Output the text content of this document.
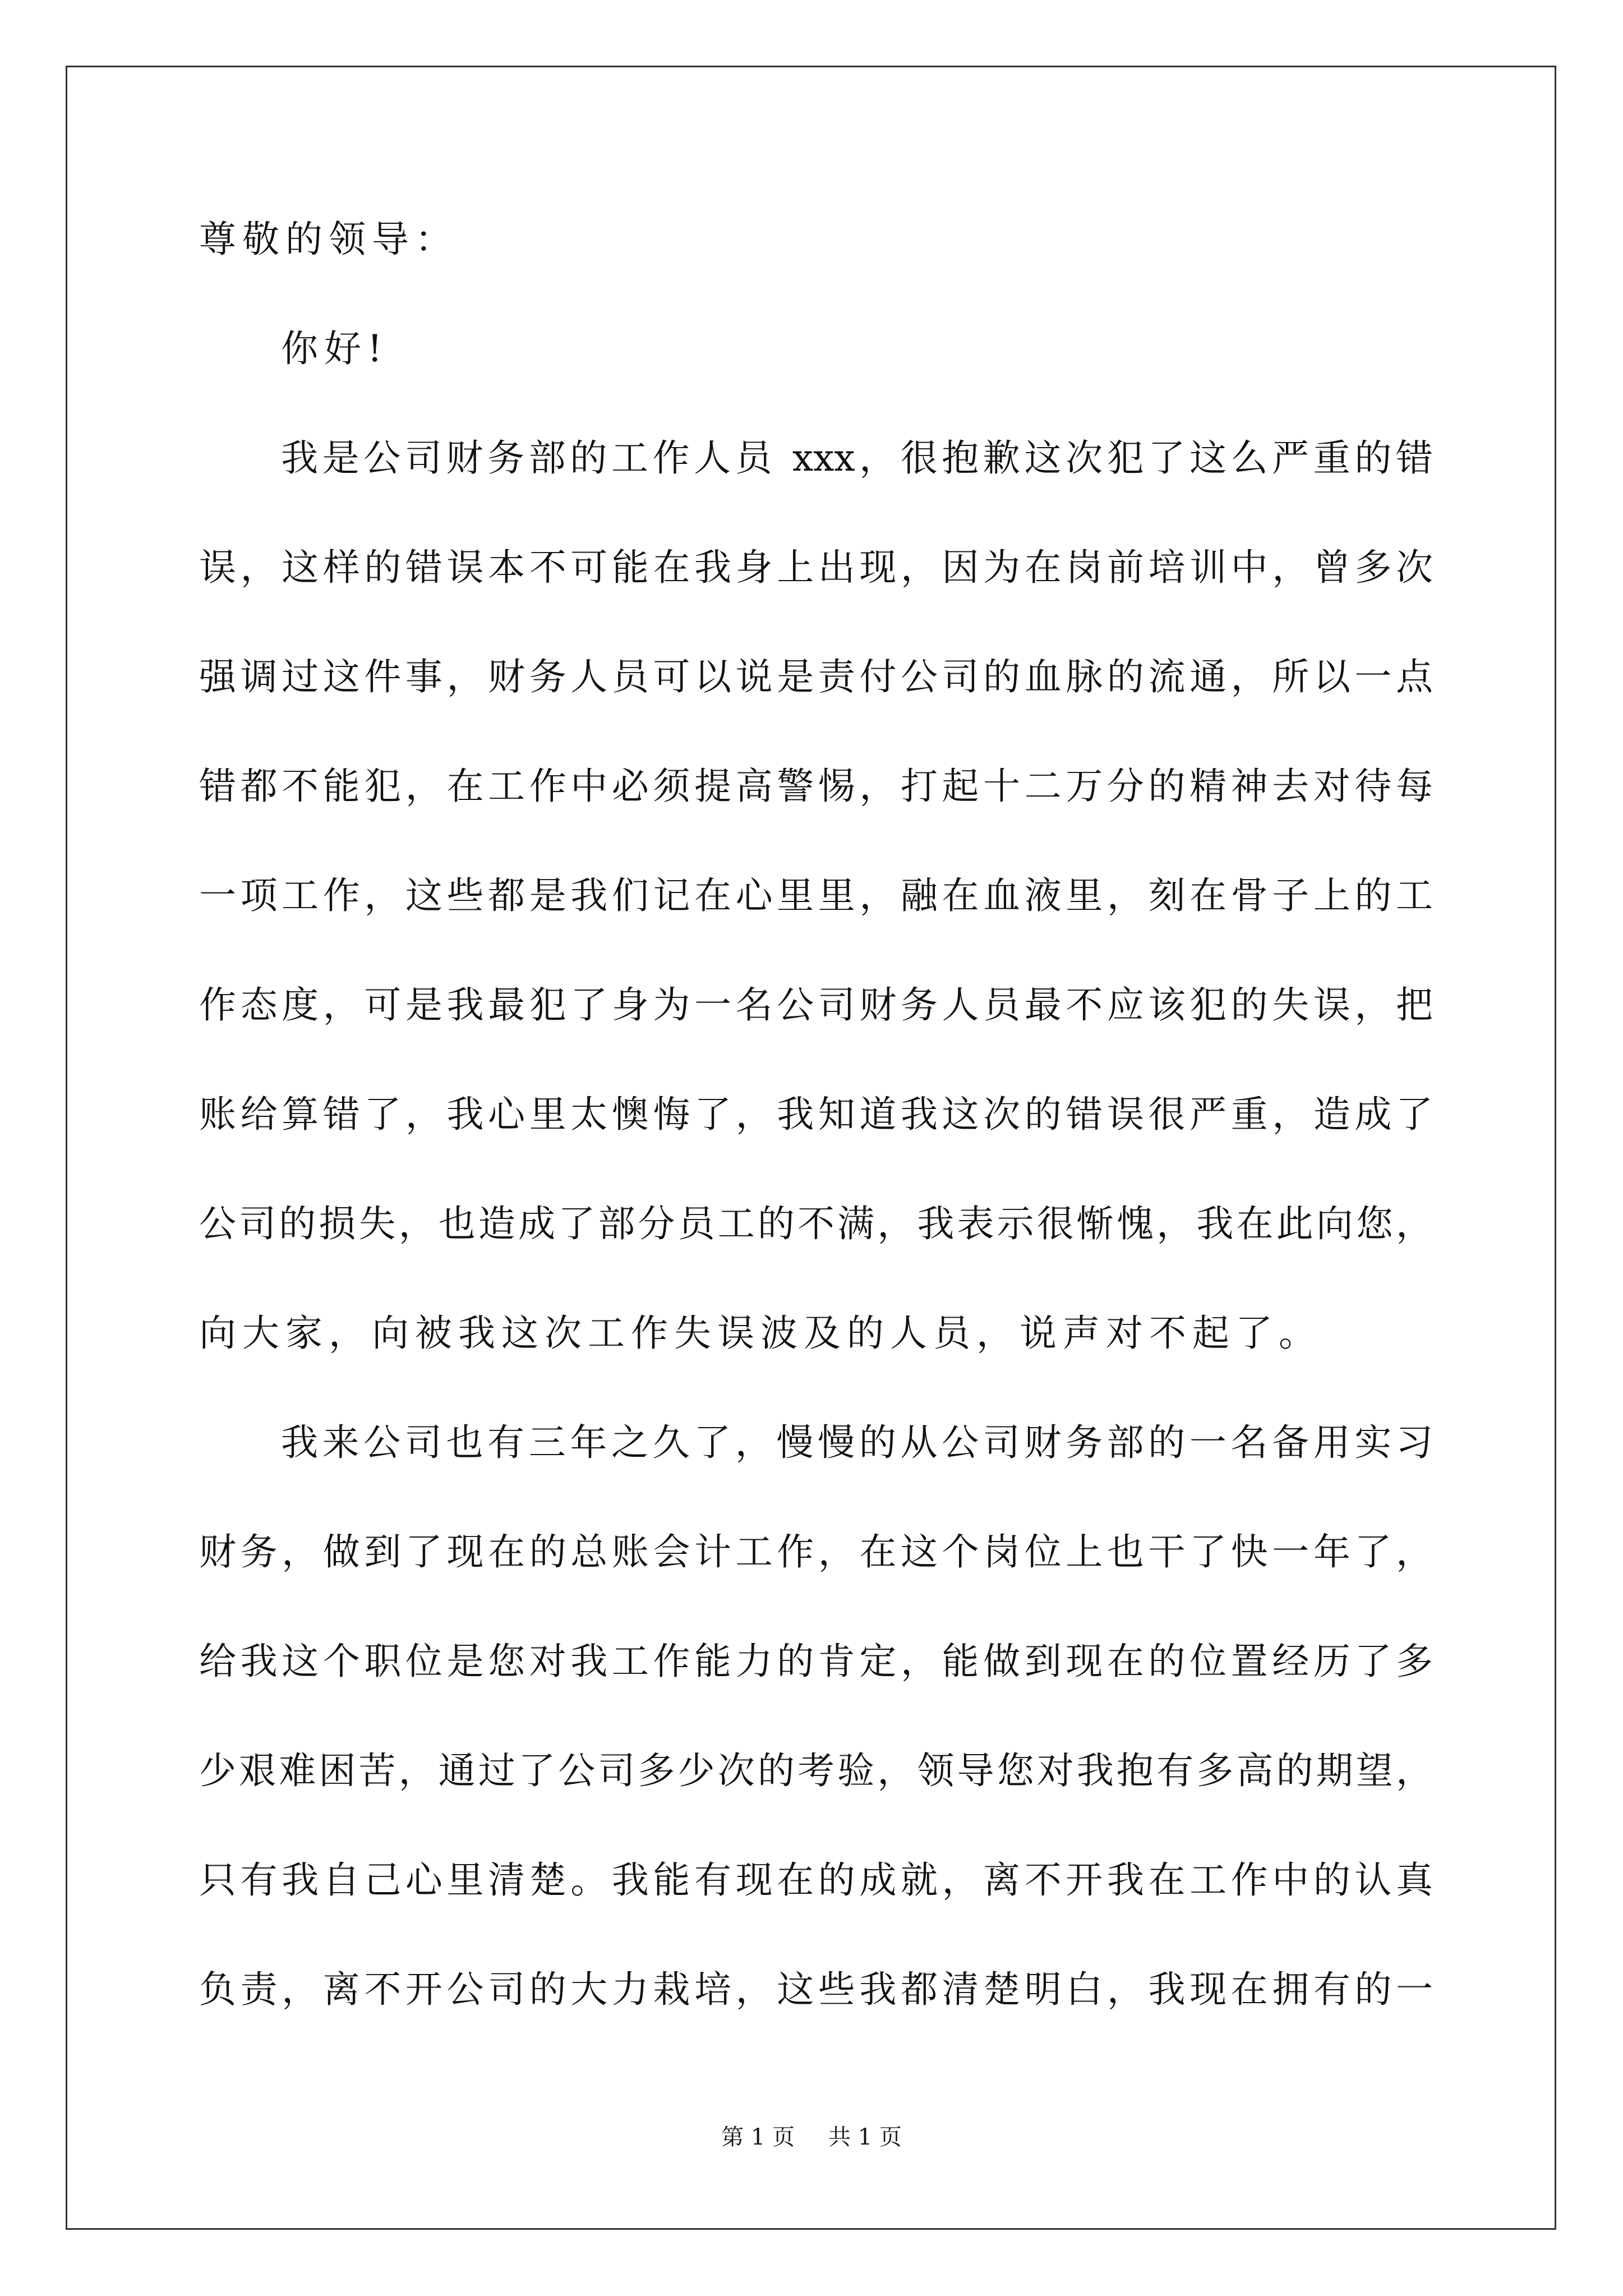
尊敬的领导：
你好!
我是公司财务部的工作人员 xxx，很抱歉这次犯了这么严重的错
误，这样的错误本不可能在我身上出现，因为在岗前培训中，曾多次
强调过这件事，财务人员可以说是责付公司的血脉的流通，所以一点
错都不能犯，在工作中必须提高警惕，打起十二万分的精神去对待每
一项工作，这些都是我们记在心里里，融在血液里，刻在骨子上的工
作态度，可是我最犯了身为一名公司财务人员最不应该犯的失误，把
账给算错了，我心里太懊悔了，我知道我这次的错误很严重，造成了
公司的损失，也造成了部分员工的不满，我表示很惭愧，我在此向您，
向大家，向被我这次工作失误波及的人员，说声对不起了。
我来公司也有三年之久了，慢慢的从公司财务部的一名备用实习
财务，做到了现在的总账会计工作，在这个岗位上也干了快一年了，
给我这个职位是您对我工作能力的肯定，能做到现在的位置经历了多
少艰难困苦，通过了公司多少次的考验，领导您对我抱有多高的期望，
只有我自己心里清楚。我能有现在的成就，离不开我在工作中的认真
负责，离不开公司的大力栽培，这些我都清楚明白，我现在拥有的一
第 1 页 共 1 页
